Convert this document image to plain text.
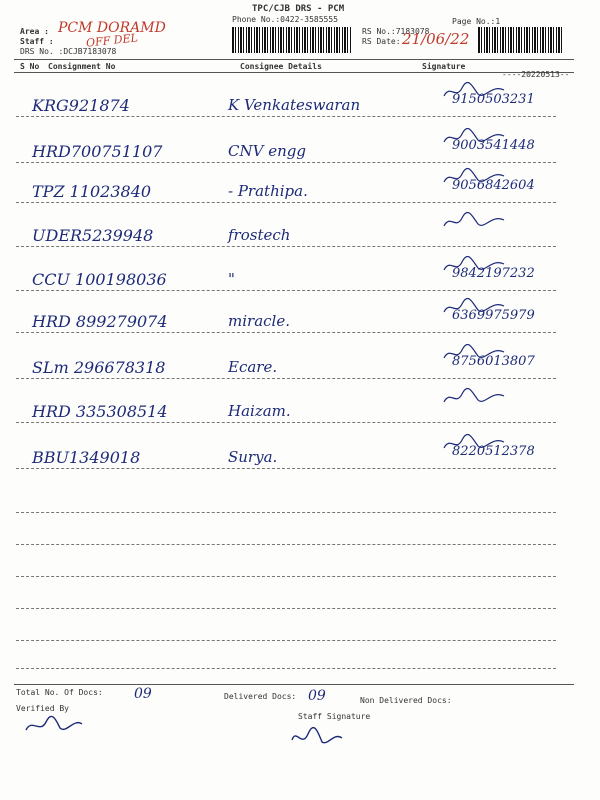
TPC/CJB DRS - PCM
Phone No.:0422-3585555
Area :
Staff :
PCM DORAMD
OFF DEL
DRS No. :DCJB7183078
RS No.:7183078
RS Date: 21/06/22
Page No.:1
S No Consignment No	Consignee Details	Signature
----20220513--
KRG921874	K Venkateswaran	9150503231
HRD700751107	CNV engg	9003541448
TPZ 11023840	- Prathipa.	9056842604
UDER5239948	frostech
CCU 100198036	"	9842197232
HRD 899279074	miracle.	6369975979
SLm 296678318	Ecare.	8756013807
HRD 335308514	Haizam.
BBU1349018	Surya.	8220512378
Total No. Of Docs: 09	Delivered Docs: 09	Non Delivered Docs:
Verified By
Staff Signature
